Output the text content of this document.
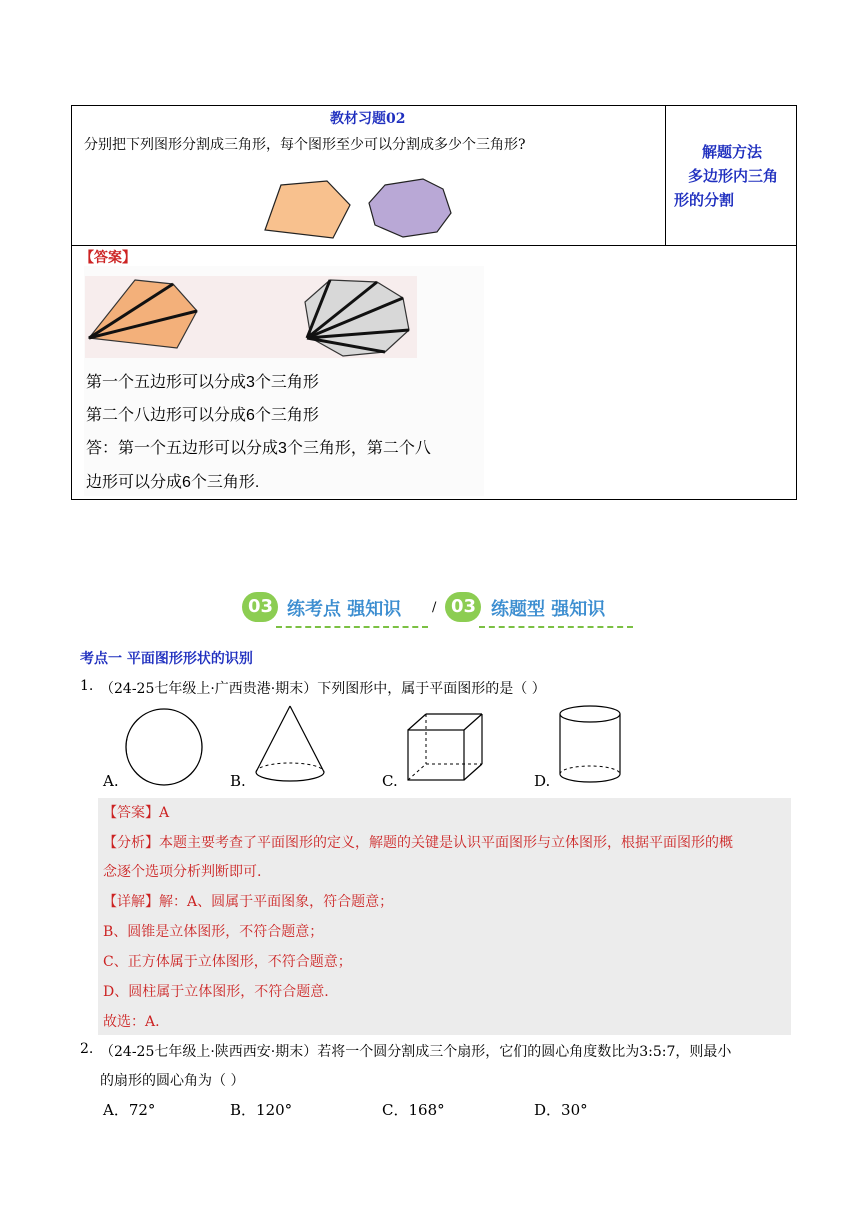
教材习题02
分别把下列图形分割成三角形，每个图形至少可以分割成多少个三角形?	解题方法
多边形内三角
形的分割
【答案】
第一个五边形可以分成3个三角形
第二个八边形可以分成6个三角形
答：第一个五边形可以分成3个三角形，第二个八
边形可以分成6个三角形.
03 练考点 强知识 / 03 练题型 强知识
考点一 平面图形形状的识别
1. （24-25七年级上·广西贵港·期末）下列图形中，属于平面图形的是（ ）
A.	B.	C.	D.
【答案】A
【分析】本题主要考查了平面图形的定义，解题的关键是认识平面图形与立体图形，根据平面图形的概
念逐个选项分析判断即可.
【详解】解：A、圆属于平面图象，符合题意；
B、圆锥是立体图形，不符合题意；
C、正方体属于立体图形，不符合题意；
D、圆柱属于立体图形，不符合题意.
故选：A.
2. （24-25七年级上·陕西西安·期末）若将一个圆分割成三个扇形，它们的圆心角度数比为3:5:7，则最小
的扇形的圆心角为（ ）
A．72°	B．120°	C．168°	D．30°
